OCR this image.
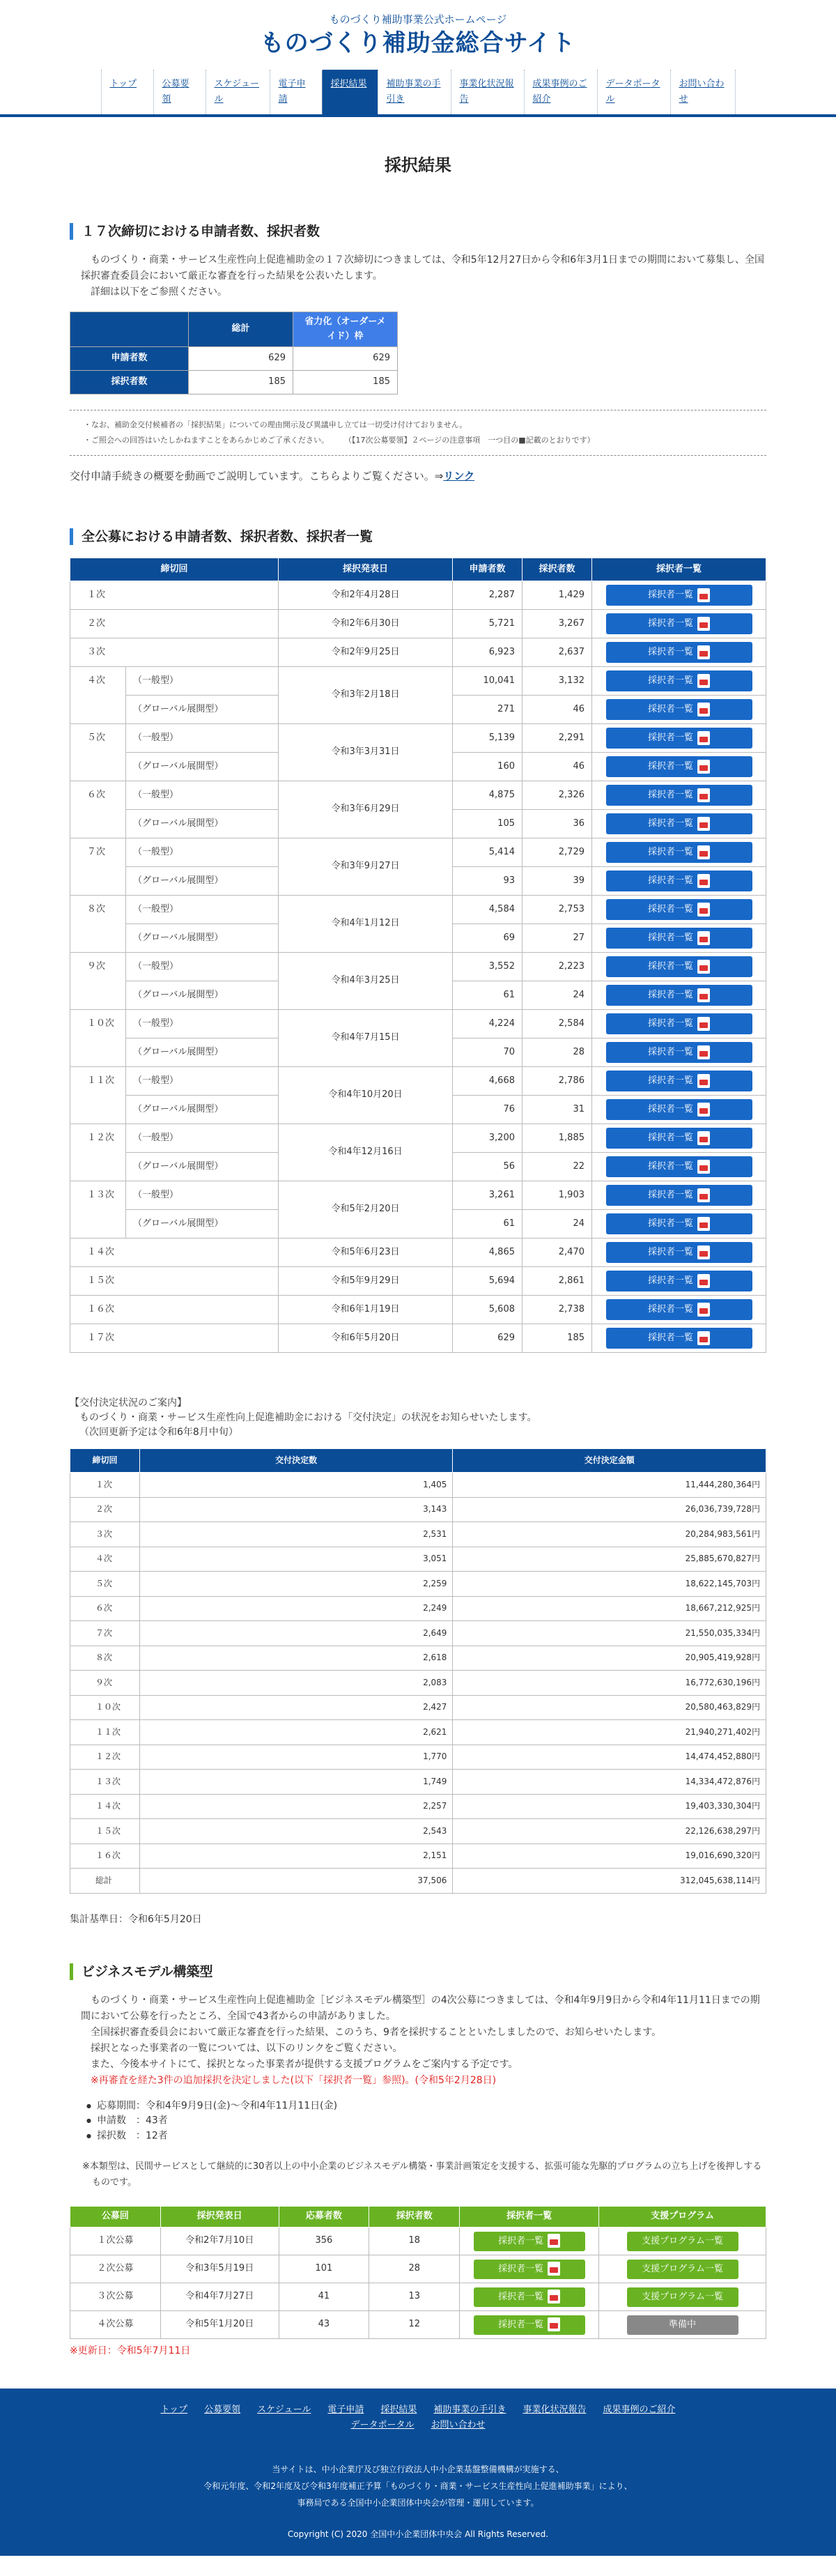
ものづくり補助事業公式ホームページ
ものづくり補助金総合サイト
トップ	公募要領
スケジュール
電子申請
採択結果	補助事業の手引き
事業化状況報告
成果事例のご紹介
データポータル
お問い合わせ
採択結果
１７次締切における申請者数、採択者数

ものづくり・商業・サービス生産性向上促進補助金の１７次締切につきましては、令和5年12月27日から令和6年3月1日までの期間において募集し、全国採択審査委員会において厳正な審査を行った結果を公表いたします。

詳細は以下をご参照ください。

	総計	省力化（オーダーメイド）枠
申請者数	629	629
採択者数	185	185
・なお、補助金交付候補者の「採択結果」についての理由開示及び異議申し立ては一切受け付けておりません。
・ご照会への回答はいたしかねますことをあらかじめご了承ください。　　　（【17次公募要領】２ページの注意事項　一つ目の■記載のとおりです）
交付申請手続きの概要を動画でご説明しています。こちらよりご覧ください。⇒リンク
全公募における申請者数、採択者数、採択者一覧
締切回		採択発表日	申請者数	採択者数	採択者一覧
１次		令和2年4月28日	2,287	1,429	採択者一覧
２次		令和2年6月30日	5,721	3,267	採択者一覧
３次		令和2年9月25日	6,923	2,637	採択者一覧
４次	（一般型）	令和3年2月18日	10,041	3,132	採択者一覧
	（グローバル展開型）		271	46	採択者一覧
５次	（一般型）	令和3年3月31日	5,139	2,291	採択者一覧
	（グローバル展開型）		160	46	採択者一覧
６次	（一般型）	令和3年6月29日	4,875	2,326	採択者一覧
	（グローバル展開型）		105	36	採択者一覧
７次	（一般型）	令和3年9月27日	5,414	2,729	採択者一覧
	（グローバル展開型）		93	39	採択者一覧
８次	（一般型）	令和4年1月12日	4,584	2,753	採択者一覧
	（グローバル展開型）		69	27	採択者一覧
９次	（一般型）	令和4年3月25日	3,552	2,223	採択者一覧
	（グローバル展開型）		61	24	採択者一覧
１０次	（一般型）	令和4年7月15日	4,224	2,584	採択者一覧
	（グローバル展開型）		70	28	採択者一覧
１１次	（一般型）	令和4年10月20日	4,668	2,786	採択者一覧
	（グローバル展開型）		76	31	採択者一覧
１２次	（一般型）	令和4年12月16日	3,200	1,885	採択者一覧
	（グローバル展開型）		56	22	採択者一覧
１３次	（一般型）	令和5年2月20日	3,261	1,903	採択者一覧
	（グローバル展開型）		61	24	採択者一覧
１４次		令和5年6月23日	4,865	2,470	採択者一覧
１５次		令和5年9月29日	5,694	2,861	採択者一覧
１６次		令和6年1月19日	5,608	2,738	採択者一覧
１７次		令和6年5月20日	629	185	採択者一覧
【交付決定状況のご案内】
ものづくり・商業・サービス生産性向上促進補助金における「交付決定」の状況をお知らせいたします。
（次回更新予定は令和6年8月中旬）
締切回	交付決定数	交付決定金額
１次	1,405	11,444,280,364円
２次	3,143	26,036,739,728円
３次	2,531	20,284,983,561円
４次	3,051	25,885,670,827円
５次	2,259	18,622,145,703円
６次	2,249	18,667,212,925円
７次	2,649	21,550,035,334円
８次	2,618	20,905,419,928円
９次	2,083	16,772,630,196円
１０次	2,427	20,580,463,829円
１１次	2,621	21,940,271,402円
１２次	1,770	14,474,452,880円
１３次	1,749	14,334,472,876円
１４次	2,257	19,403,330,304円
１５次	2,543	22,126,638,297円
１６次	2,151	19,016,690,320円
総計	37,506	312,045,638,114円
集計基準日：令和6年5月20日
ビジネスモデル構築型

ものづくり・商業・サービス生産性向上促進補助金［ビジネスモデル構築型］の4次公募につきましては、令和4年9月9日から令和4年11月11日までの期間において公募を行ったところ、全国で43者からの申請がありました。

全国採択審査委員会において厳正な審査を行った結果、このうち、9者を採択することといたしましたので、お知らせいたします。

採択となった事業者の一覧については、以下のリンクをご覧ください。

また、今後本サイトにて、採択となった事業者が提供する支援プログラムをご案内する予定です。

※再審査を経た3件の追加採択を決定しました(以下「採択者一覧」参照)。(令和5年2月28日)

● 応募期間：令和4年9月9日(金)～令和4年11月11日(金)
● 申請数　：43者
● 採択数　：12者

※本類型は、民間サービスとして継続的に30者以上の中小企業のビジネスモデル構築・事業計画策定を支援する、拡張可能な先駆的プログラムの立ち上げを後押しするものです。

公募回	採択発表日	応募者数	採択者数	採択者一覧	支援プログラム
１次公募	令和2年7月10日	356	18	採択者一覧	支援プログラム一覧
２次公募	令和3年5月19日	101	28	採択者一覧	支援プログラム一覧
３次公募	令和4年7月27日	41	13	採択者一覧	支援プログラム一覧
４次公募	令和5年1月20日	43	12	採択者一覧	準備中
※更新日：令和5年7月11日
トップ 公募要領 スケジュール 電子申請 採択結果 補助事業の手引き 事業化状況報告 成果事例のご紹介
データポータル お問い合わせ
当サイトは、中小企業庁及び独立行政法人中小企業基盤整備機構が実施する、
令和元年度、令和2年度及び令和3年度補正予算「ものづくり・商業・サービス生産性向上促進補助事業」により、
事務局である全国中小企業団体中央会が管理・運用しています。
Copyright (C) 2020 全国中小企業団体中央会 All Rights Reserved.
